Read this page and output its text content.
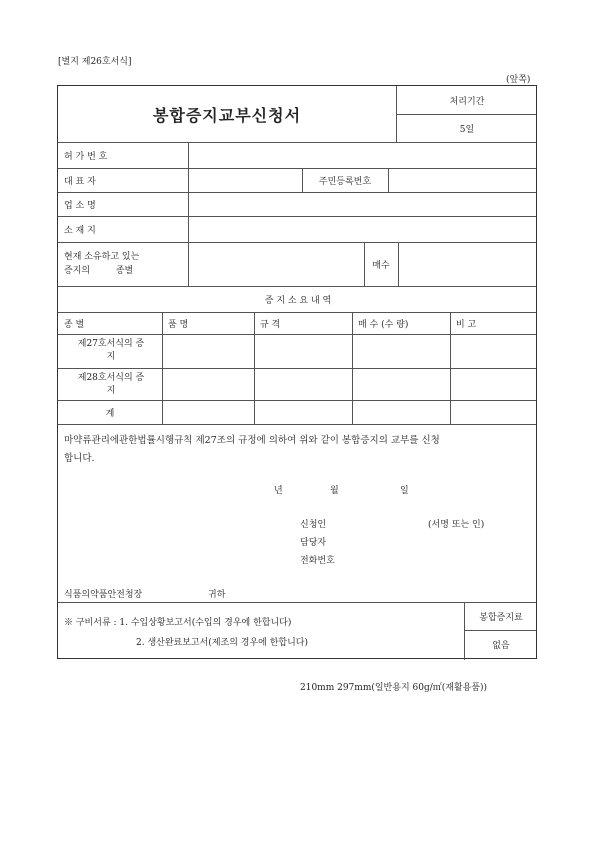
[별지 제26호서식]
(앞쪽)
봉합증지교부신청서
처리기간
5일
허 가 번 호
대 표 자	주민등록번호
업 소 명
소 재 지
현재 소유하고 있는
증지의	종별
매수
증 지 소 요 내 역
종 별	품 명	규 격	매 수 (수 량)	비 고
제27호서식의 증
지
제28호서식의 증
지
계
마약류관리에관한법률시행규칙 제27조의 규정에 의하여 위와 같이 봉합증지의 교부를 신청
합니다.
년	월	일
신청인	(서명 또는 인)
담당자
전화번호
식품의약품안전청장	귀하
※ 구비서류 : 1. 수입상황보고서(수입의 경우에 한합니다)
2. 생산완료보고서(제조의 경우에 한합니다)
봉합증지료
없음
210mm 297mm(일반용지 60g/㎡(재활용품))
